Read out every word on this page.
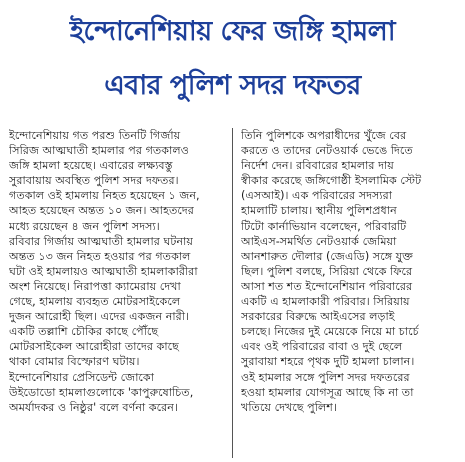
ইন্দোনেশিয়ায় ফের জঙ্গি হামলা
এবার পুলিশ সদর দফতর
ইন্দোনেশিয়ায় গত পরশু তিনটি গির্জায়
সিরিজ আত্মঘাতী হামলার পর গতকালও
জঙ্গি হামলা হয়েছে। এবারের লক্ষ্যবস্তু
সুরাবায়ায় অবস্থিত পুলিশ সদর দফতর।
গতকাল ওই হামলায় নিহত হয়েছেন ১ জন,
আহত হয়েছেন অন্তত ১০ জন। আহতদের
মধ্যে রয়েছেন ৪ জন পুলিশ সদস্য।
রবিবার গির্জায় আত্মঘাতী হামলার ঘটনায়
অন্তত ১৩ জন নিহত হওয়ার পর গতকাল
ঘটা ওই হামলায়ও আত্মঘাতী হামলাকারীরা
অংশ নিয়েছে। নিরাপত্তা ক্যামেরায় দেখা
গেছে, হামলায় ব্যবহৃত মোটরসাইকেলে
দুজন আরোহী ছিল। এদের একজন নারী।
একটি তল্লাশি চৌকির কাছে পৌঁছে
মোটরসাইকেল আরোহীরা তাদের কাছে
থাকা বোমার বিস্ফোরণ ঘটায়।
ইন্দোনেশিয়ার প্রেসিডেন্ট জোকো
উইডোডো হামলাগুলোকে 'কাপুরুষোচিত,
অমর্যাদকর ও নিষ্ঠুর' বলে বর্ণনা করেন।
তিনি পুলিশকে অপরাধীদের খুঁজে বের
করতে ও তাদের নেটওয়ার্ক ভেঙে দিতে
নির্দেশ দেন। রবিবারের হামলার দায়
স্বীকার করেছে জঙ্গিগোষ্ঠী ইসলামিক স্টেট
(এসআই)। এক পরিবারের সদস্যরা
হামলাটি চালায়। স্থানীয় পুলিশপ্রধান
টিটো কার্নাভিয়ান বলেছেন, পরিবারটি
আইএস-সমর্থিত নেটওয়ার্ক জেমিয়া
আনশারুত দৌলার (জেএডি) সঙ্গে যুক্ত
ছিল। পুলিশ বলছে, সিরিয়া থেকে ফিরে
আসা শত শত ইন্দোনেশিয়ান পরিবারের
একটি এ হামলাকারী পরিবার। সিরিয়ায়
সরকারের বিরুদ্ধে আইএসের লড়াই
চলছে। নিজের দুই মেয়েকে নিয়ে মা চার্চে
এবং ওই পরিবারের বাবা ও দুই ছেলে
সুরাবায়া শহরে পৃথক দুটি হামলা চালান।
ওই হামলার সঙ্গে পুলিশ সদর দফতরের
হওয়া হামলার যোগসূত্র আছে কি না তা
খতিয়ে দেখছে পুলিশ।
